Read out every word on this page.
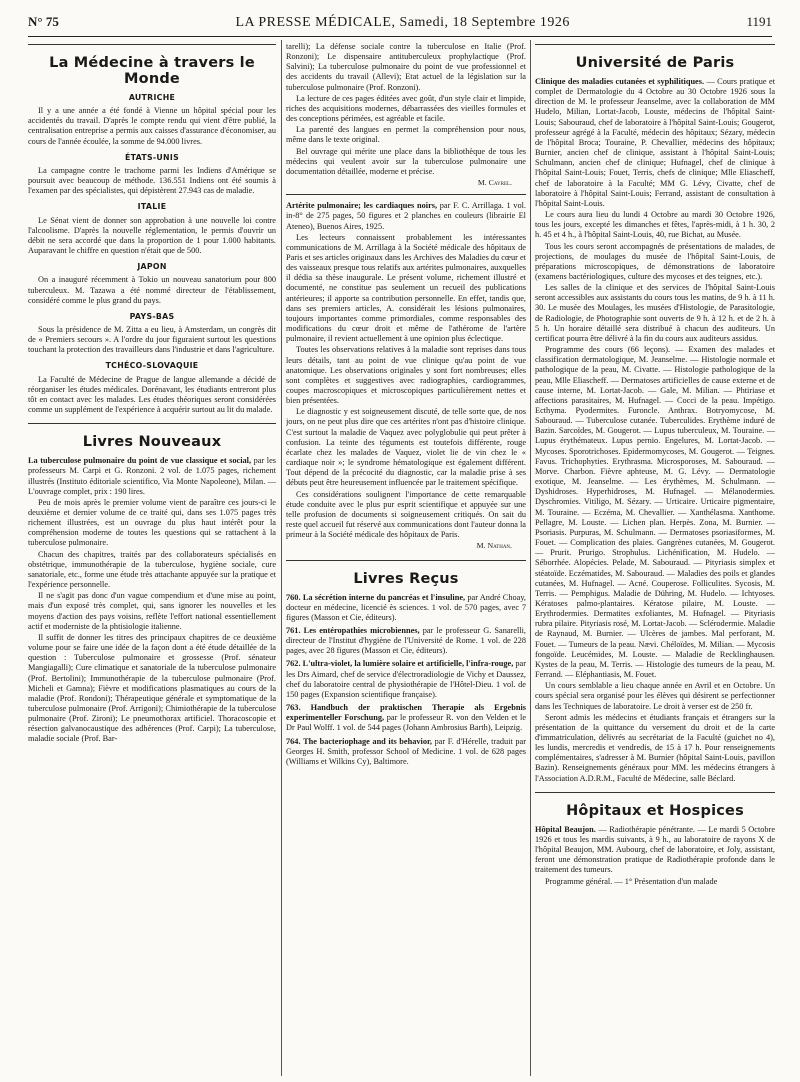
N° 75	LA PRESSE MÉDICALE, Samedi, 18 Septembre 1926	1191
La Médecine à travers le Monde
AUTRICHE

Il y a une année a été fondé à Vienne un hôpital spécial pour les accidentés du travail. D'après le compte rendu qui vient d'être publié, la centralisation entreprise a permis aux caisses d'assurance d'économiser, au cours de l'année écoulée, la somme de 94.000 livres.

ÉTATS-UNIS

La campagne contre le trachome parmi les Indiens d'Amérique se poursuit avec beaucoup de méthode. 136.551 Indiens ont été soumis à l'examen par des spécialistes, qui dépistèrent 27.943 cas de maladie.

ITALIE

Le Sénat vient de donner son approbation à une nouvelle loi contre l'alcoolisme. D'après la nouvelle réglementation, le permis d'ouvrir un débit ne sera accordé que dans la proportion de 1 pour 1.000 habitants. Auparavant le chiffre en question n'était que de 500.

JAPON

On a inauguré récemment à Tokio un nouveau sanatorium pour 800 tuberculeux. M. Tazawa a été nommé directeur de l'établissement, considéré comme le plus grand du pays.

PAYS-BAS

Sous la présidence de M. Zitta a eu lieu, à Amsterdam, un congrès dit de « Premiers secours ». A l'ordre du jour figuraient surtout les questions touchant la protection des travailleurs dans l'industrie et dans l'agriculture.

TCHÉCO-SLOVAQUIE

La Faculté de Médecine de Prague de langue allemande a décidé de réorganiser les études médicales. Dorénavant, les étudiants entreront plus tôt en contact avec les malades. Les études théoriques seront considérées comme un supplément de l'expérience à acquérir surtout au lit du malade.

Livres Nouveaux

La tuberculose pulmonaire du point de vue classique et social, par les professeurs M. Carpi et G. Ronzoni. 2 vol. de 1.075 pages, richement illustrés (Instituto éditoriale scientifico, Via Monte Napoleone), Milan. — L'ouvrage complet, prix : 190 lires.

Peu de mois après le premier volume vient de paraître ces jours-ci le deuxième et dernier volume de ce traité qui, dans ses 1.075 pages très richement illustrées, est un ouvrage du plus haut intérêt pour la compréhension moderne de toutes les questions qui se rattachent à la tuberculose pulmonaire.

Chacun des chapitres, traités par des collaborateurs spécialisés en obstétrique, immunothérapie de la tuberculose, hygiène sociale, cure sanatoriale, etc., forme une étude très attachante appuyée sur la pratique et l'expérience personnelle.

Il ne s'agit pas donc d'un vague compendium et d'une mise au point, mais d'un exposé très complet, qui, sans ignorer les nouvelles et les moyens d'action des pays voisins, reflète l'effort national essentiellement actif et moderniste de la phtisiologie italienne.

Il suffit de donner les titres des principaux chapitres de ce deuxième volume pour se faire une idée de la façon dont a été étude détaillée de la question : Tuberculose pulmonaire et grossesse (Prof. sénateur Mangiagalli); Cure climatique et sanatoriale de la tuberculose pulmonaire (Prof. Bertolini); Immunothérapie de la tuberculose pulmonaire (Prof. Micheli et Gamna); Fièvre et modifications plasmatiques au cours de la maladie (Prof. Rondoni); Thérapeutique générale et symptomatique de la tuberculose pulmonaire (Prof. Arrigoni); Chimiothérapie de la tuberculose pulmonaire (Prof. Zironi); Le pneumothorax artificiel. Thoracoscopie et résection galvanocaustique des adhérences (Prof. Carpi); La tuberculose, maladie sociale (Prof. Bar-

tarelli); La défense sociale contre la tuberculose en Italie (Prof. Ronzoni); Le dispensaire antituberculeux prophylactique (Prof. Salvini); La tuberculose pulmonaire du point de vue professionnel et des accidents du travail (Allevi); Etat actuel de la législation sur la tuberculose pulmonaire (Prof. Ronzoni).

La lecture de ces pages éditées avec goût, d'un style clair et limpide, riches des acquisitions modernes, débarrassées des vieilles formules et des conceptions périmées, est agréable et facile.

La parenté des langues en permet la compréhension pour nous, même dans le texte original.

Bel ouvrage qui mérite une place dans la bibliothèque de tous les médecins qui veulent avoir sur la tuberculose pulmonaire une documentation détaillée, moderne et précise.

M. Cayrel.

Artérite pulmonaire; les cardiaques noirs, par F. C. Arrillaga. 1 vol. in-8° de 275 pages, 50 figures et 2 planches en couleurs (librairie El Ateneo), Buenos Aires, 1925.

Les lecteurs connaissent probablement les intéressantes communications de M. Arrillaga à la Société médicale des hôpitaux de Paris et ses articles originaux dans les Archives des Maladies du cœur et des vaisseaux presque tous relatifs aux artérites pulmonaires, auxquelles il dédia sa thèse inaugurale. Le présent volume, richement illustré et documenté, ne constitue pas seulement un recueil des publications antérieures; il apporte sa contribution personnelle. En effet, tandis que, dans ses premiers articles, A. considérait les lésions pulmonaires, toujours importantes comme primordiales, comme responsables des modifications du cœur droit et même de l'athérome de l'artère pulmonaire, il revient actuellement à une opinion plus éclectique.

Toutes les observations relatives à la maladie sont reprises dans tous leurs détails, tant au point de vue clinique qu'au point de vue anatomique. Les observations originales y sont fort nombreuses; elles sont complètes et suggestives avec radiographies, cardiogrammes, coupes macroscopiques et microscopiques particulièrement nettes et bien présentées.

Le diagnostic y est soigneusement discuté, de telle sorte que, de nos jours, on ne peut plus dire que ces artérites n'ont pas d'histoire clinique. C'est surtout la maladie de Vaquez avec polyglobulie qui peut prêter à confusion. La teinte des téguments est toutefois différente, rouge écarlate chez les malades de Vaquez, violet lie de vin chez le « cardiaque noir »; le syndrome hématologique est également différent. Tout dépend de la précocité du diagnostic, car la maladie prise à ses débuts peut être heureusement influencée par le traitement spécifique.

Ces considérations soulignent l'importance de cette remarquable étude conduite avec le plus pur esprit scientifique et appuyée sur une telle profusion de documents si soigneusement critiqués. On sait du reste quel accueil fut réservé aux communications dont l'auteur donna la primeur à la Société médicale des hôpitaux de Paris.

M. Nathan.
Livres Reçus

760. La sécrétion interne du pancréas et l'insuline, par André Choay, docteur en médecine, licencié ès sciences. 1 vol. de 570 pages, avec 7 figures (Masson et Cie, éditeurs).

761. Les entéropathies microbiennes, par le professeur G. Sanarelli, directeur de l'Institut d'hygiène de l'Université de Rome. 1 vol. de 228 pages, avec 28 figures (Masson et Cie, éditeurs).

762. L'ultra-violet, la lumière solaire et artificielle, l'infra-rouge, par les Drs Aimard, chef de service d'électroradiologie de Vichy et Daussez, chef du laboratoire central de physiothérapie de l'Hôtel-Dieu. 1 vol. de 150 pages (Expansion scientifique française).

763. Handbuch der praktischen Therapie als Ergebnis experimenteller Forschung, par le professeur R. von den Velden et le Dr Paul Wolff. 1 vol. de 544 pages (Johann Ambrosius Barth), Leipzig.

764. The bacteriophage and its behavior, par F. d'Hérelle, traduit par Georges H. Smith, professor School of Medicine. 1 vol. de 628 pages (Williams et Wilkins Cy), Baltimore.

Université de Paris

Clinique des maladies cutanées et syphilitiques. — Cours pratique et complet de Dermatologie du 4 Octobre au 30 Octobre 1926 sous la direction de M. le professeur Jeanselme, avec la collaboration de MM Hudelo, Milian, Lortat-Jacob, Louste, médecins de l'hôpital Saint-Louis; Sabouraud, chef de laboratoire à l'hôpital Saint-Louis; Gougerot, professeur agrégé à la Faculté, médecin des hôpitaux; Sézary, médecin de l'hôpital Broca; Touraine, P. Chevallier, médecins des hôpitaux; Burnier, ancien chef de clinique, assistant à l'hôpital Saint-Louis; Schulmann, ancien chef de clinique; Hufnagel, chef de clinique à l'hôpital Saint-Louis; Fouet, Terris, chefs de clinique; Mlle Eliascheff, chef de laboratoire à la Faculté; MM G. Lévy, Civatte, chef de laboratoire à l'hôpital Saint-Louis; Ferrand, assistant de consultation à l'hôpital Saint-Louis.

Le cours aura lieu du lundi 4 Octobre au mardi 30 Octobre 1926, tous les jours, excepté les dimanches et fêtes, l'après-midi, à 1 h. 30, 2 h. 45 et 4 h., à l'hôpital Saint-Louis, 40, rue Bichat, au Musée.

Tous les cours seront accompagnés de présentations de malades, de projections, de moulages du musée de l'hôpital Saint-Louis, de préparations microscopiques, de démonstrations de laboratoire (examens bactériologiques, culture des mycoses et des teignes, etc.).

Les salles de la clinique et des services de l'hôpital Saint-Louis seront accessibles aux assistants du cours tous les matins, de 9 h. à 11 h. 30. Le musée des Moulages, les musées d'Histologie, de Parasitologie, de Radiologie, de Photographie sont ouverts de 9 h. à 12 h. et de 2 h. à 5 h. Un horaire détaillé sera distribué à chacun des auditeurs. Un certificat pourra être délivré à la fin du cours aux auditeurs assidus.

Programme des cours (66 leçons). — Examen des malades et classification dermatologique, M. Jeanselme. — Histologie normale et pathologique de la peau, M. Civatte. — Histologie pathologique de la peau, Mlle Eliascheff. — Dermatoses artificielles de cause externe et de cause interne, M. Lortat-Jacob. — Gale, M. Milian. — Phtiriase et affections parasitaires, M. Hufnagel. — Cocci de la peau. Impétigo. Ecthyma. Pyodermites. Furoncle. Anthrax. Botryomycose, M. Sabouraud. — Tuberculose cutanée. Tuberculides. Erythème induré de Bazin. Sarcoïdes, M. Gougerot. — Lupus tuberculeux, M. Touraine. — Lupus érythémateux. Lupus pernio. Engelures, M. Lortat-Jacob. — Mycoses. Sporotrichoses. Epidermomycoses, M. Gougerot. — Teignes. Favus. Trichophyties. Erythrasma. Microsporoses, M. Sabouraud. — Morve. Charbon. Fièvre aphteuse, M. G. Lévy. — Dermatologie exotique, M. Jeanselme. — Les érythèmes, M. Schulmann. — Dyshidroses. Hyperhidroses, M. Hufnagel. — Mélanodermies. Dyschromies. Vitiligo, M. Sézary. — Urticaire. Urticaire pigmentaire, M. Touraine. — Eczéma, M. Chevallier. — Xanthélasma. Xanthome. Pellagre, M. Louste. — Lichen plan. Herpès. Zona, M. Burnier. — Psoriasis. Purpuras, M. Schulmann. — Dermatoses psoriasiformes, M. Fouet. — Complication des plaies. Gangrènes cutanées, M. Gougerot. — Prurit. Prurigo. Strophulus. Lichénification, M. Hudelo. — Séborrhée. Alopécies. Pelade, M. Sabouraud. — Pityriasis simplex et stéatoïde. Eczématides, M. Sabouraud. — Maladies des poils et glandes cutanées, M. Hufnagel. — Acné. Couperose. Folliculites. Sycosis, M. Terris. — Pemphigus. Maladie de Dühring, M. Hudelo. — Ichtyoses. Kératoses palmo-plantaires. Kératose pilaire, M. Louste. — Erythrodermies. Dermatites exfoliantes, M. Hufnagel. — Pityriasis rubra pilaire. Pityriasis rosé, M. Lortat-Jacob. — Sclérodermie. Maladie de Raynaud, M. Burnier. — Ulcères de jambes. Mal perforant, M. Fouet. — Tumeurs de la peau. Nævi. Chéloïdes, M. Milian. — Mycosis fongoïde. Leucémides, M. Louste. — Maladie de Recklinghausen. Kystes de la peau, M. Terris. — Histologie des tumeurs de la peau, M. Ferrand. — Eléphantiasis, M. Fouet.

Un cours semblable a lieu chaque année en Avril et en Octobre. Un cours spécial sera organisé pour les élèves qui désirent se perfectionner dans les Techniques de laboratoire. Le droit à verser est de 250 fr.

Seront admis les médecins et étudiants français et étrangers sur la présentation de la quittance du versement du droit et de la carte d'immatriculation, délivrés au secrétariat de la Faculté (guichet no 4), les lundis, mercredis et vendredis, de 15 à 17 h. Pour renseignements complémentaires, s'adresser à M. Burnier (hôpital Saint-Louis, pavillon Bazin). Renseignements généraux pour MM. les médecins étrangers à l'Association A.D.R.M., Faculté de Médecine, salle Béclard.

Hôpitaux et Hospices

Hôpital Beaujon. — Radiothérapie pénétrante. — Le mardi 5 Octobre 1926 et tous les mardis suivants, à 9 h., au laboratoire de rayons X de l'hôpital Beaujon, MM. Aubourg, chef de laboratoire, et Joly, assistant, feront une démonstration pratique de Radiothérapie profonde dans le traitement des tumeurs.

Programme général. — 1° Présentation d'un malade
